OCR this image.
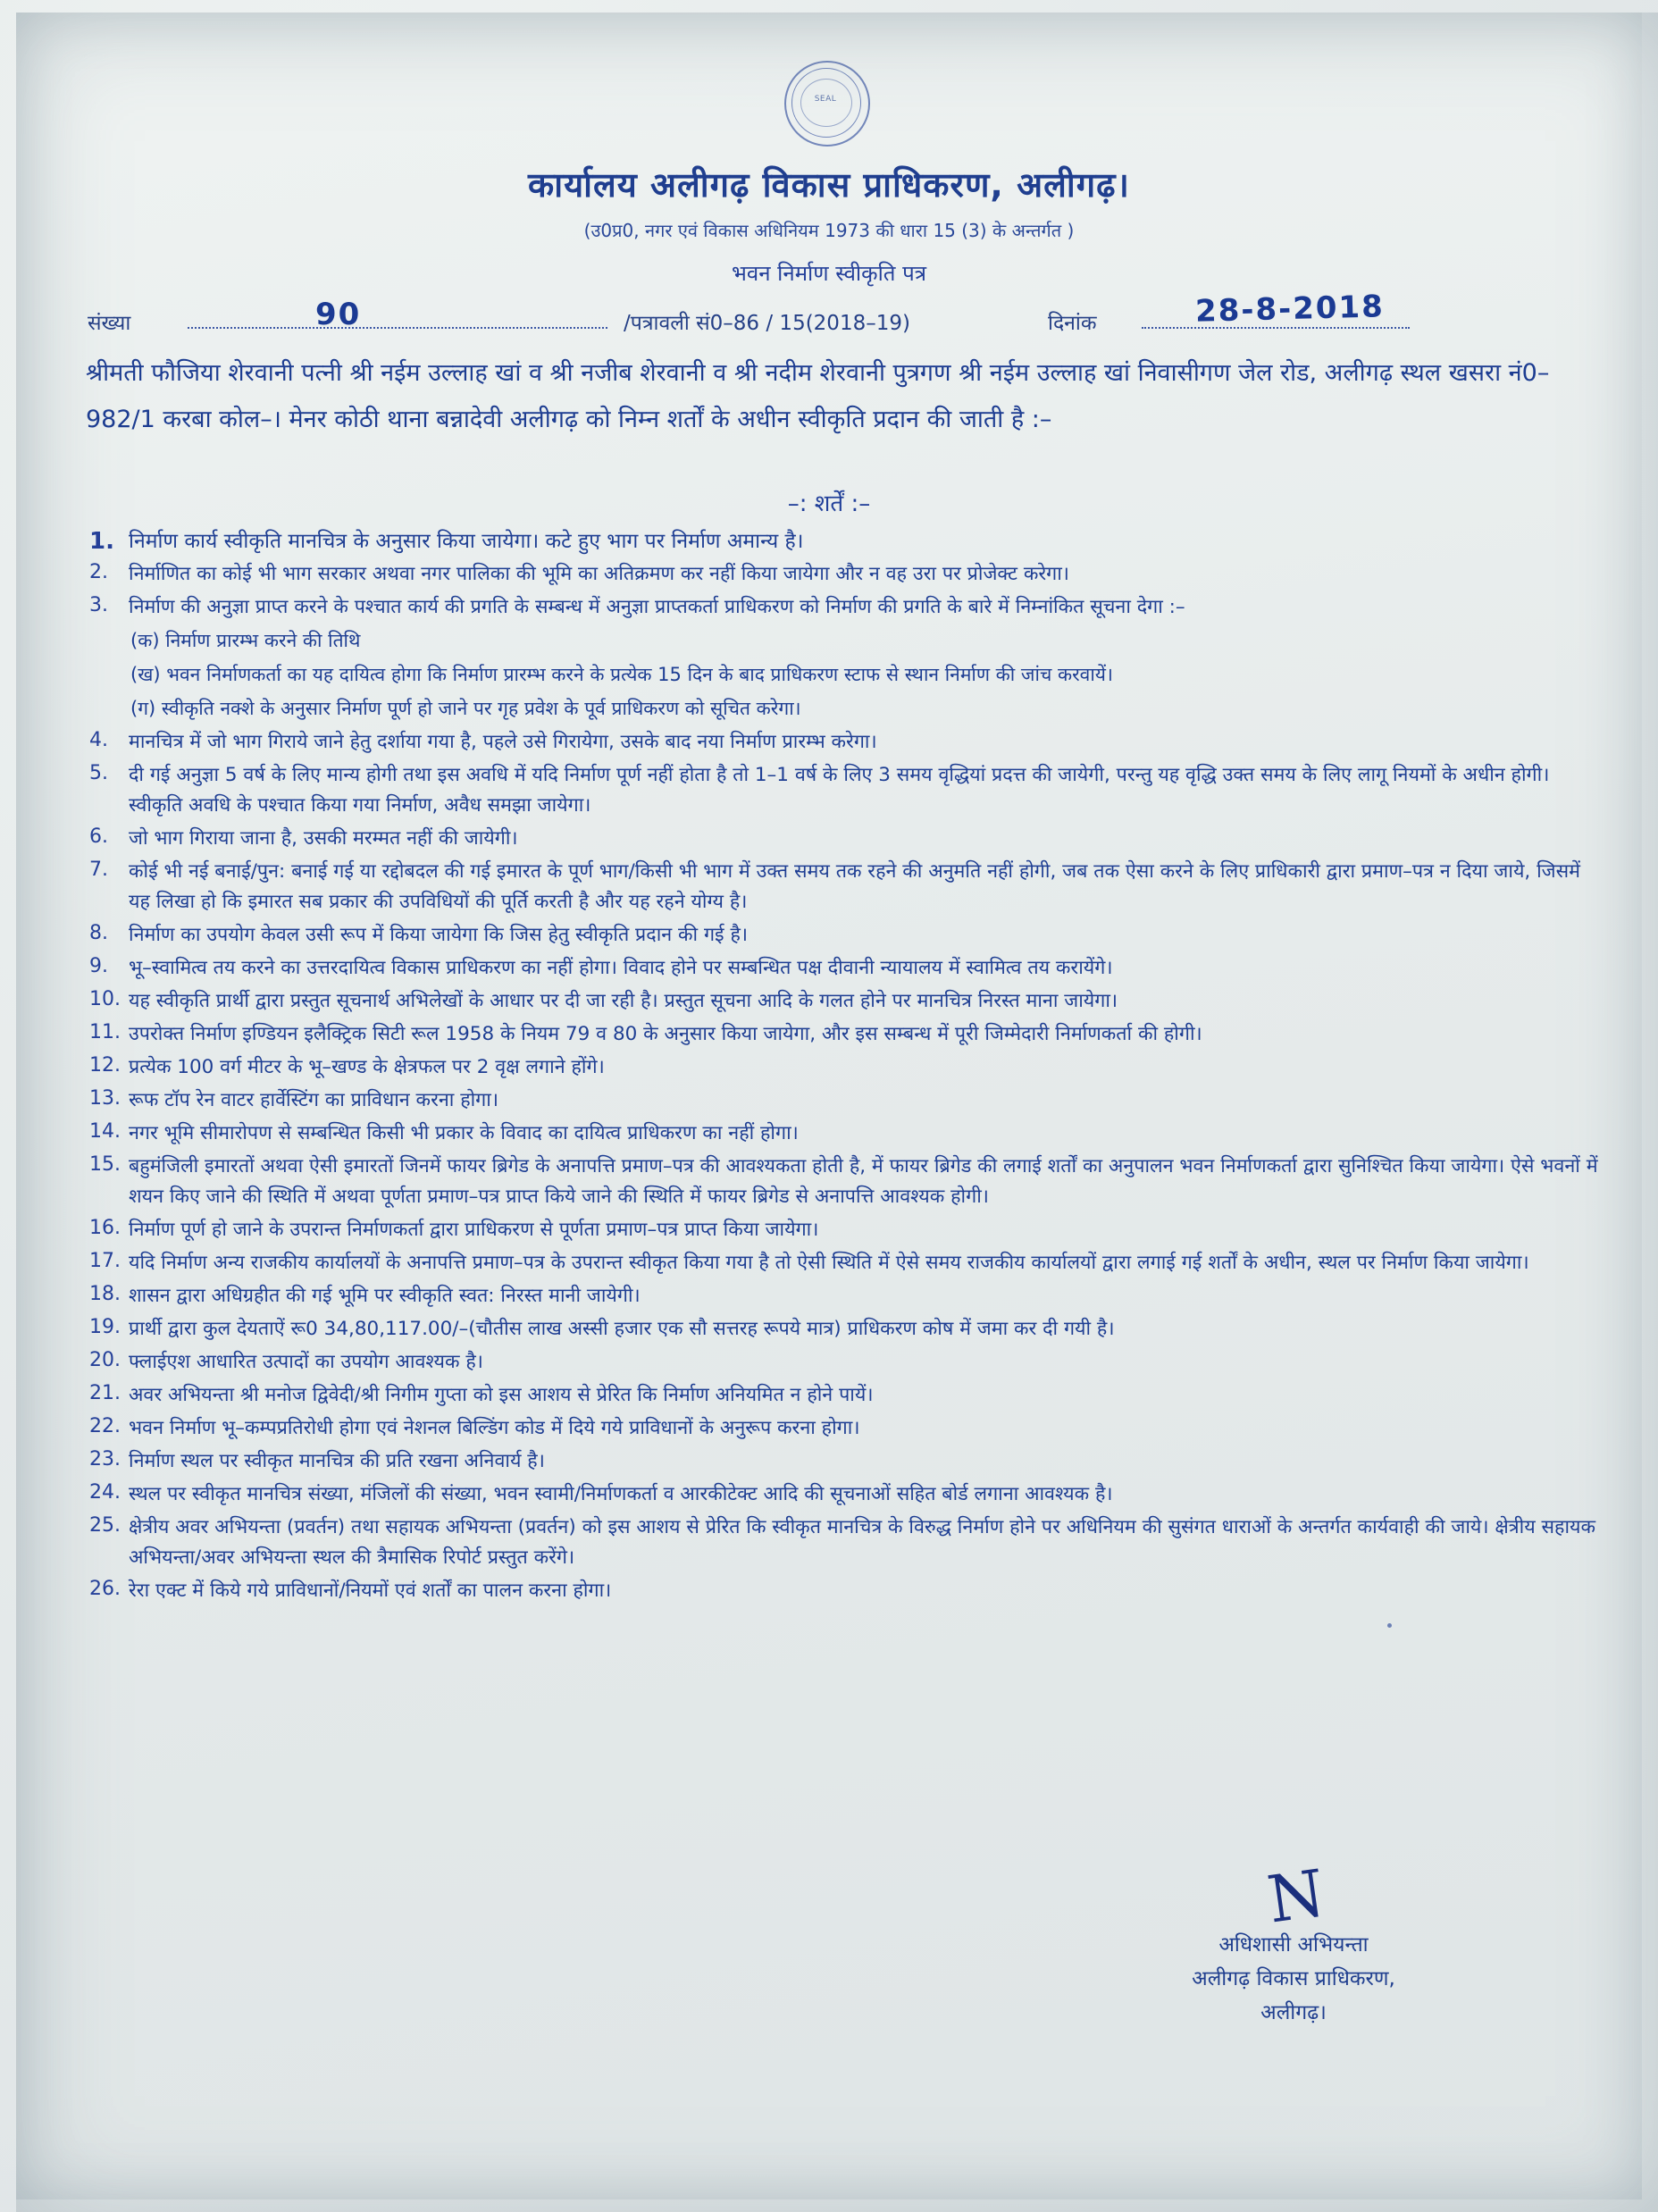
SEAL
कार्यालय अलीगढ़ विकास प्राधिकरण, अलीगढ़।
(उ0प्र0, नगर एवं विकास अधिनियम 1973 की धारा 15 (3) के अन्तर्गत )
भवन निर्माण स्वीकृति पत्र
संख्या	90	/पत्रावली सं0–86 / 15(2018–19)	दिनांक	28-8-2018
श्रीमती फौजिया शेरवानी पत्नी श्री नईम उल्लाह खां व श्री नजीब शेरवानी व श्री नदीम शेरवानी पुत्रगण श्री नईम उल्लाह खां निवासीगण जेल रोड, अलीगढ़ स्थल खसरा नं0–982/1 करबा कोल–। मेनर कोठी थाना बन्नादेवी अलीगढ़ को निम्न शर्तों के अधीन स्वीकृति प्रदान की जाती है :–
–: शर्तें :–
1. निर्माण कार्य स्वीकृति मानचित्र के अनुसार किया जायेगा। कटे हुए भाग पर निर्माण अमान्य है।
2.	निर्माणित का कोई भी भाग सरकार अथवा नगर पालिका की भूमि का अतिक्रमण कर नहीं किया जायेगा और न वह उरा पर प्रोजेक्ट करेगा।
3.	निर्माण की अनुज्ञा प्राप्त करने के पश्चात कार्य की प्रगति के सम्बन्ध में अनुज्ञा प्राप्तकर्ता प्राधिकरण को निर्माण की प्रगति के बारे में निम्नांकित सूचना देगा :–
(क) निर्माण प्रारम्भ करने की तिथि
(ख) भवन निर्माणकर्ता का यह दायित्व होगा कि निर्माण प्रारम्भ करने के प्रत्येक 15 दिन के बाद प्राधिकरण स्टाफ से स्थान निर्माण की जांच करवायें।
(ग) स्वीकृति नक्शे के अनुसार निर्माण पूर्ण हो जाने पर गृह प्रवेश के पूर्व प्राधिकरण को सूचित करेगा।
4.	मानचित्र में जो भाग गिराये जाने हेतु दर्शाया गया है, पहले उसे गिरायेगा, उसके बाद नया निर्माण प्रारम्भ करेगा।
5.	दी गई अनुज्ञा 5 वर्ष के लिए मान्य होगी तथा इस अवधि में यदि निर्माण पूर्ण नहीं होता है तो 1–1 वर्ष के लिए 3 समय वृद्धियां प्रदत्त की जायेगी, परन्तु यह वृद्धि उक्त समय के लिए लागू नियमों के अधीन होगी। स्वीकृति अवधि के पश्चात किया गया निर्माण, अवैध समझा जायेगा।
6.	जो भाग गिराया जाना है, उसकी मरम्मत नहीं की जायेगी।
7.	कोई भी नई बनाई/पुन: बनाई गई या रद्दोबदल की गई इमारत के पूर्ण भाग/किसी भी भाग में उक्त समय तक रहने की अनुमति नहीं होगी, जब तक ऐसा करने के लिए प्राधिकारी द्वारा प्रमाण–पत्र न दिया जाये, जिसमें यह लिखा हो कि इमारत सब प्रकार की उपविधियों की पूर्ति करती है और यह रहने योग्य है।
8.	निर्माण का उपयोग केवल उसी रूप में किया जायेगा कि जिस हेतु स्वीकृति प्रदान की गई है।
9.	भू–स्वामित्व तय करने का उत्तरदायित्व विकास प्राधिकरण का नहीं होगा। विवाद होने पर सम्बन्धित पक्ष दीवानी न्यायालय में स्वामित्व तय करायेंगे।
10. यह स्वीकृति प्रार्थी द्वारा प्रस्तुत सूचनार्थ अभिलेखों के आधार पर दी जा रही है। प्रस्तुत सूचना आदि के गलत होने पर मानचित्र निरस्त माना जायेगा।
11. उपरोक्त निर्माण इण्डियन इलैक्ट्रिक सिटी रूल 1958 के नियम 79 व 80 के अनुसार किया जायेगा, और इस सम्बन्ध में पूरी जिम्मेदारी निर्माणकर्ता की होगी।
12. प्रत्येक 100 वर्ग मीटर के भू–खण्ड के क्षेत्रफल पर 2 वृक्ष लगाने होंगे।
13. रूफ टॉप रेन वाटर हार्वेस्टिंग का प्राविधान करना होगा।
14. नगर भूमि सीमारोपण से सम्बन्धित किसी भी प्रकार के विवाद का दायित्व प्राधिकरण का नहीं होगा।
15. बहुमंजिली इमारतों अथवा ऐसी इमारतों जिनमें फायर ब्रिगेड के अनापत्ति प्रमाण–पत्र की आवश्यकता होती है, में फायर ब्रिगेड की लगाई शर्तों का अनुपालन भवन निर्माणकर्ता द्वारा सुनिश्चित किया जायेगा। ऐसे भवनों में शयन किए जाने की स्थिति में अथवा पूर्णता प्रमाण–पत्र प्राप्त किये जाने की स्थिति में फायर ब्रिगेड से अनापत्ति आवश्यक होगी।
16. निर्माण पूर्ण हो जाने के उपरान्त निर्माणकर्ता द्वारा प्राधिकरण से पूर्णता प्रमाण–पत्र प्राप्त किया जायेगा।
17. यदि निर्माण अन्य राजकीय कार्यालयों के अनापत्ति प्रमाण–पत्र के उपरान्त स्वीकृत किया गया है तो ऐसी स्थिति में ऐसे समय राजकीय कार्यालयों द्वारा लगाई गई शर्तों के अधीन, स्थल पर निर्माण किया जायेगा।
18. शासन द्वारा अधिग्रहीत की गई भूमि पर स्वीकृति स्वत: निरस्त मानी जायेगी।
19. प्रार्थी द्वारा कुल देयताऐं रू0 34,80,117.00/–(चौतीस लाख अस्सी हजार एक सौ सत्तरह रूपये मात्र) प्राधिकरण कोष में जमा कर दी गयी है।
20. फ्लाईएश आधारित उत्पादों का उपयोग आवश्यक है।
21. अवर अभियन्ता श्री मनोज द्विवेदी/श्री निगीम गुप्ता को इस आशय से प्रेरित कि निर्माण अनियमित न होने पायें।
22. भवन निर्माण भू–कम्पप्रतिरोधी होगा एवं नेशनल बिल्डिंग कोड में दिये गये प्राविधानों के अनुरूप करना होगा।
23. निर्माण स्थल पर स्वीकृत मानचित्र की प्रति रखना अनिवार्य है।
24. स्थल पर स्वीकृत मानचित्र संख्या, मंजिलों की संख्या, भवन स्वामी/निर्माणकर्ता व आरकीटेक्ट आदि की सूचनाओं सहित बोर्ड लगाना आवश्यक है।
25. क्षेत्रीय अवर अभियन्ता (प्रवर्तन) तथा सहायक अभियन्ता (प्रवर्तन) को इस आशय से प्रेरित कि स्वीकृत मानचित्र के विरुद्ध निर्माण होने पर अधिनियम की सुसंगत धाराओं के अन्तर्गत कार्यवाही की जाये। क्षेत्रीय सहायक अभियन्ता/अवर अभियन्ता स्थल की त्रैमासिक रिपोर्ट प्रस्तुत करेंगे।
26. रेरा एक्ट में किये गये प्राविधानों/नियमों एवं शर्तों का पालन करना होगा।
N
अधिशासी अभियन्ता
अलीगढ़ विकास प्राधिकरण,
अलीगढ़।
